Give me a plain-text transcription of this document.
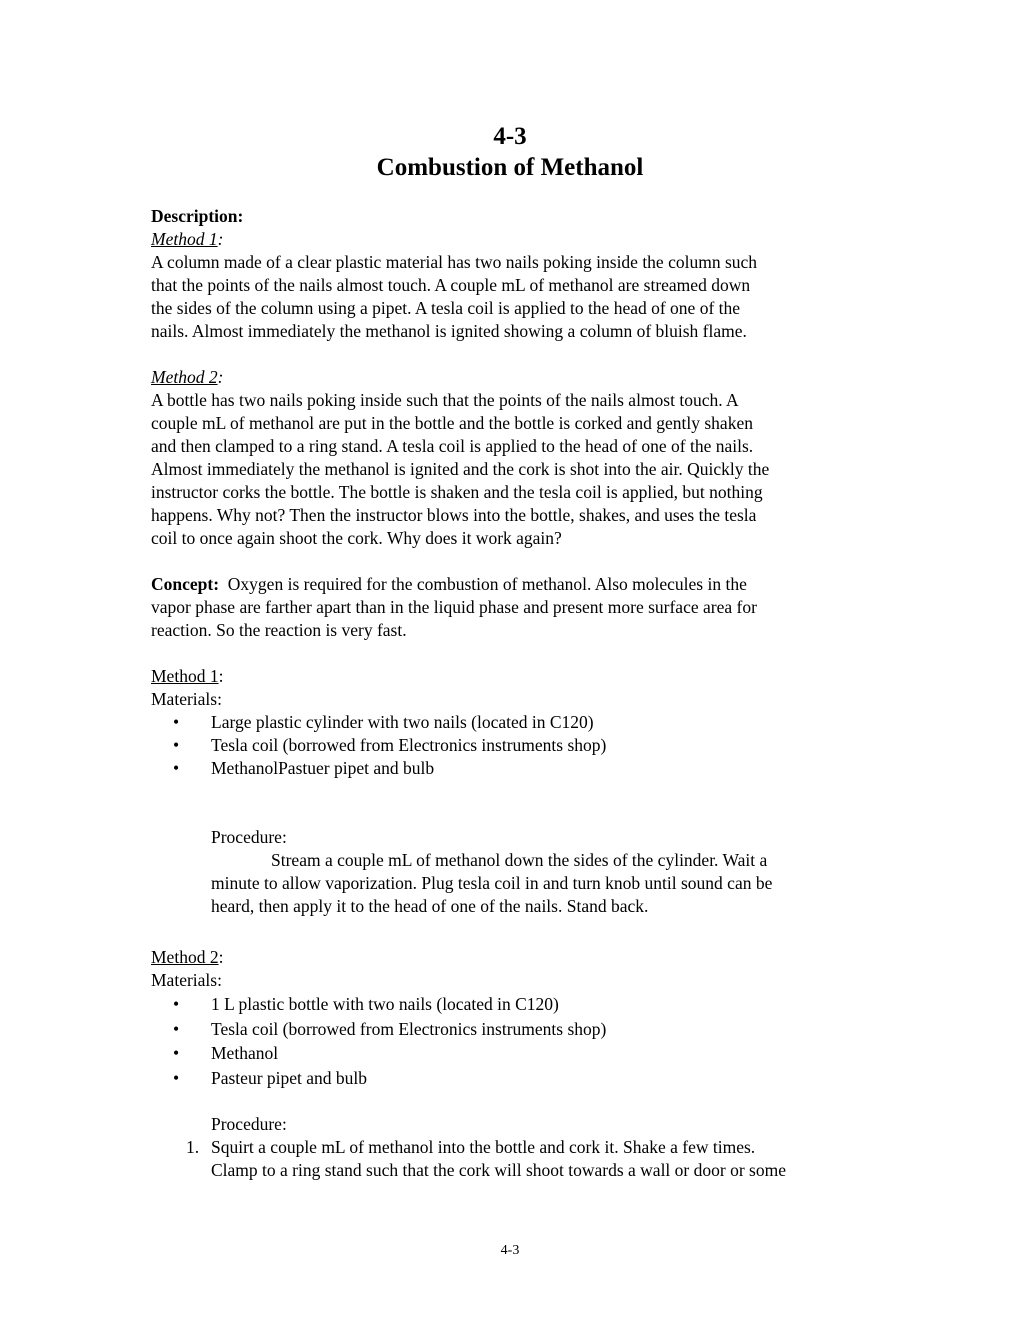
4-3
Combustion of Methanol
Description:
Method 1:
A column made of a clear plastic material has two nails poking inside the column such
that the points of the nails almost touch. A couple mL of methanol are streamed down
the sides of the column using a pipet. A tesla coil is applied to the head of one of the
nails. Almost immediately the methanol is ignited showing a column of bluish flame.
Method 2:
A bottle has two nails poking inside such that the points of the nails almost touch. A
couple mL of methanol are put in the bottle and the bottle is corked and gently shaken
and then clamped to a ring stand. A tesla coil is applied to the head of one of the nails.
Almost immediately the methanol is ignited and the cork is shot into the air. Quickly the
instructor corks the bottle. The bottle is shaken and the tesla coil is applied, but nothing
happens. Why not? Then the instructor blows into the bottle, shakes, and uses the tesla
coil to once again shoot the cork. Why does it work again?
Concept: Oxygen is required for the combustion of methanol. Also molecules in the
vapor phase are farther apart than in the liquid phase and present more surface area for
reaction. So the reaction is very fast.
Method 1:
Materials:
• Large plastic cylinder with two nails (located in C120)
• Tesla coil (borrowed from Electronics instruments shop)
• MethanolPastuer pipet and bulb
Procedure:
Stream a couple mL of methanol down the sides of the cylinder. Wait a
minute to allow vaporization. Plug tesla coil in and turn knob until sound can be
heard, then apply it to the head of one of the nails. Stand back.
Method 2:
Materials:
• 1 L plastic bottle with two nails (located in C120)
• Tesla coil (borrowed from Electronics instruments shop)
• Methanol
• Pasteur pipet and bulb
Procedure:
1. Squirt a couple mL of methanol into the bottle and cork it. Shake a few times.
Clamp to a ring stand such that the cork will shoot towards a wall or door or some
4-3
